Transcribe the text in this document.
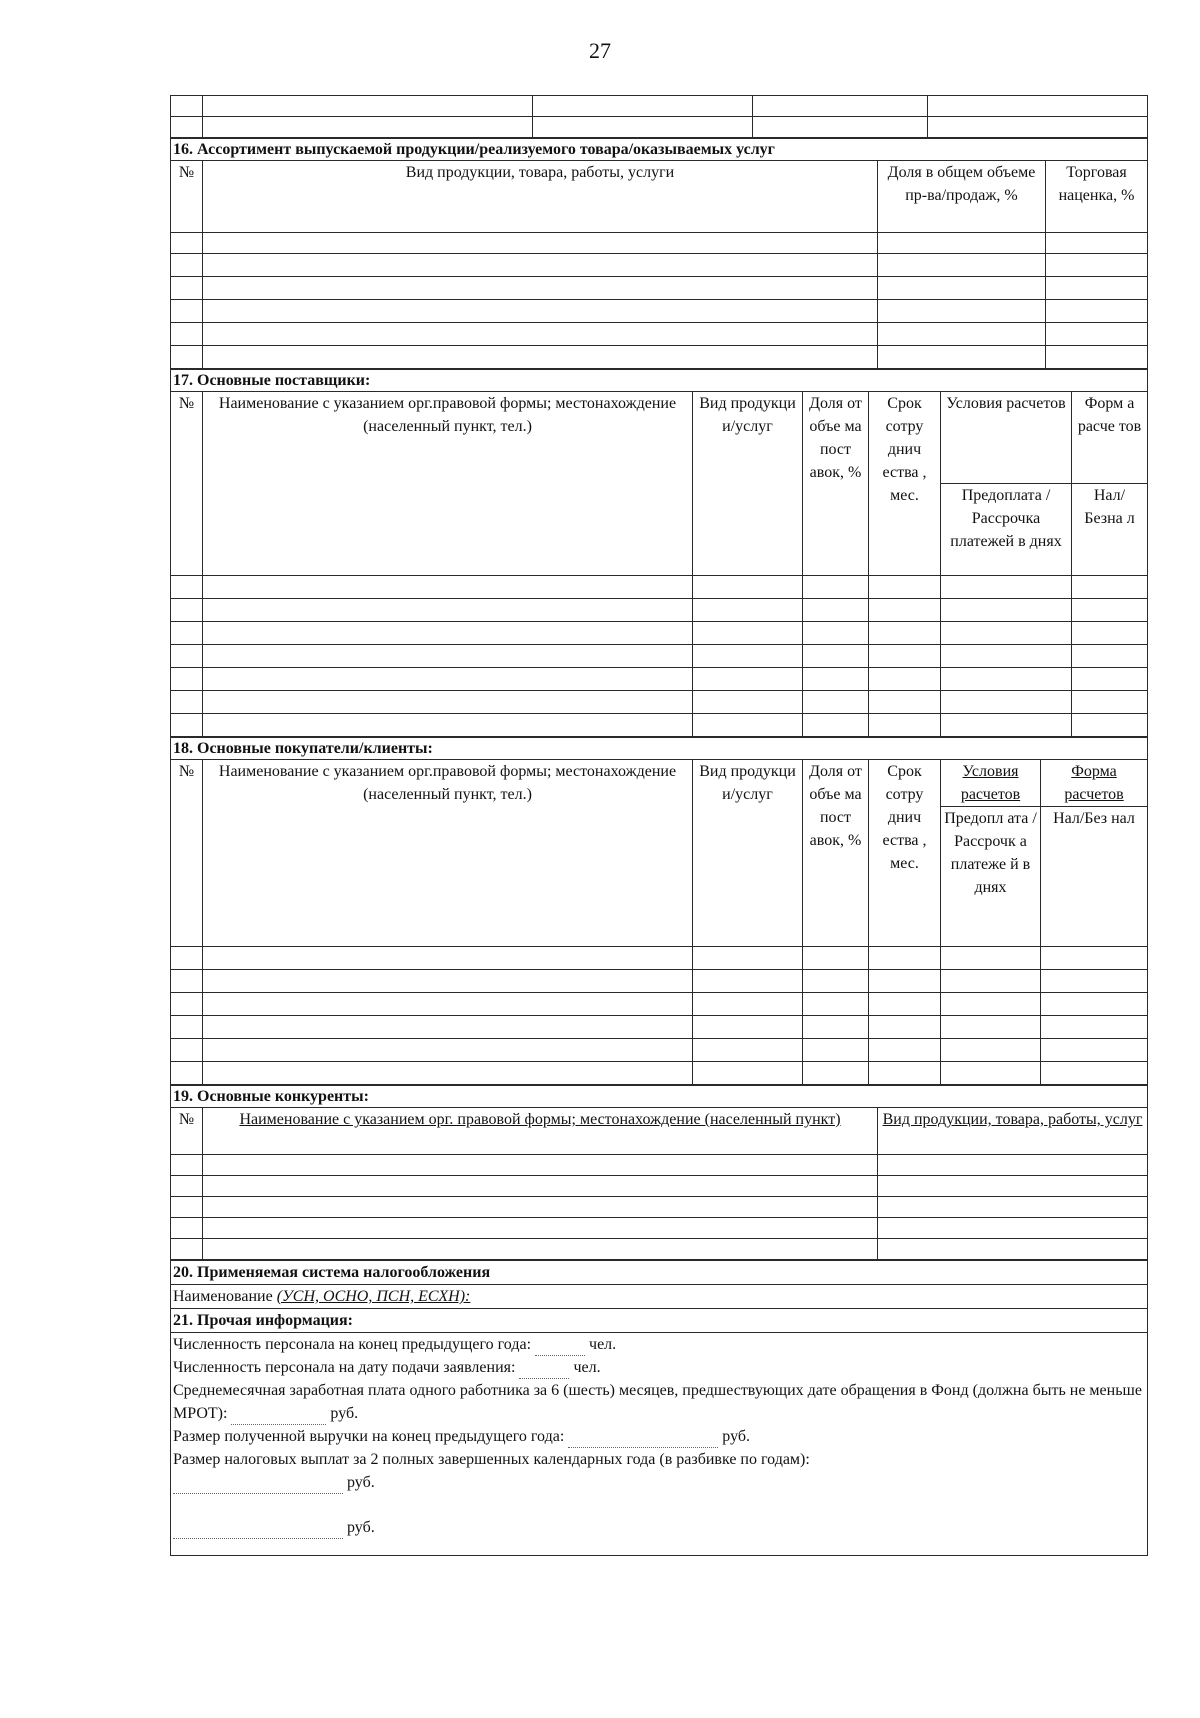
27

16. Ассортимент выпускаемой продукции/реализуемого товара/оказываемых услуг			
№	Вид продукции, товара, работы, услуги	Доля в общем объеме пр-ва/продаж, %	Торговая наценка, %

17. Основные поставщики:						
№	Наименование с указанием орг.правовой формы; местонахождение (населенный пункт, тел.)	Вид продукци и/услуг	Доля от объе ма пост авок, %	Срок сотру днич ества , мес.	Условия расчетов	Форм а расче тов
					Предоплата / Рассрочка платежей в днях	Нал/ Безна л

18. Основные покупатели/клиенты:						
№	Наименование с указанием орг.правовой формы; местонахождение (населенный пункт, тел.)	Вид продукци и/услуг	Доля от объе ма пост авок, %	Срок сотру днич ества , мес.	Условия расчетов	Форма расчетов
					Предопл ата / Рассрочк а платеже й в днях	Нал/Без нал

19. Основные конкуренты:		
№	Наименование с указанием орг. правовой формы; местонахождение (населенный пункт)	Вид продукции, товара, работы, услуг

20. Применяемая система налогообложения
Наименование (УСН, ОСНО, ПСН, ЕСХН):
21. Прочая информация:

Численность персонала на конец предыдущего года:	чел.
Численность персонала на дату подачи заявления:	чел.
Среднемесячная заработная плата одного работника за 6 (шесть) месяцев, предшествующих дате обращения в Фонд (должна быть не меньше МРОТ):	руб.
Размер полученной выручки на конец предыдущего года:	руб.
Размер налоговых выплат за 2 полных завершенных календарных года (в разбивке по годам):
руб.
руб.
